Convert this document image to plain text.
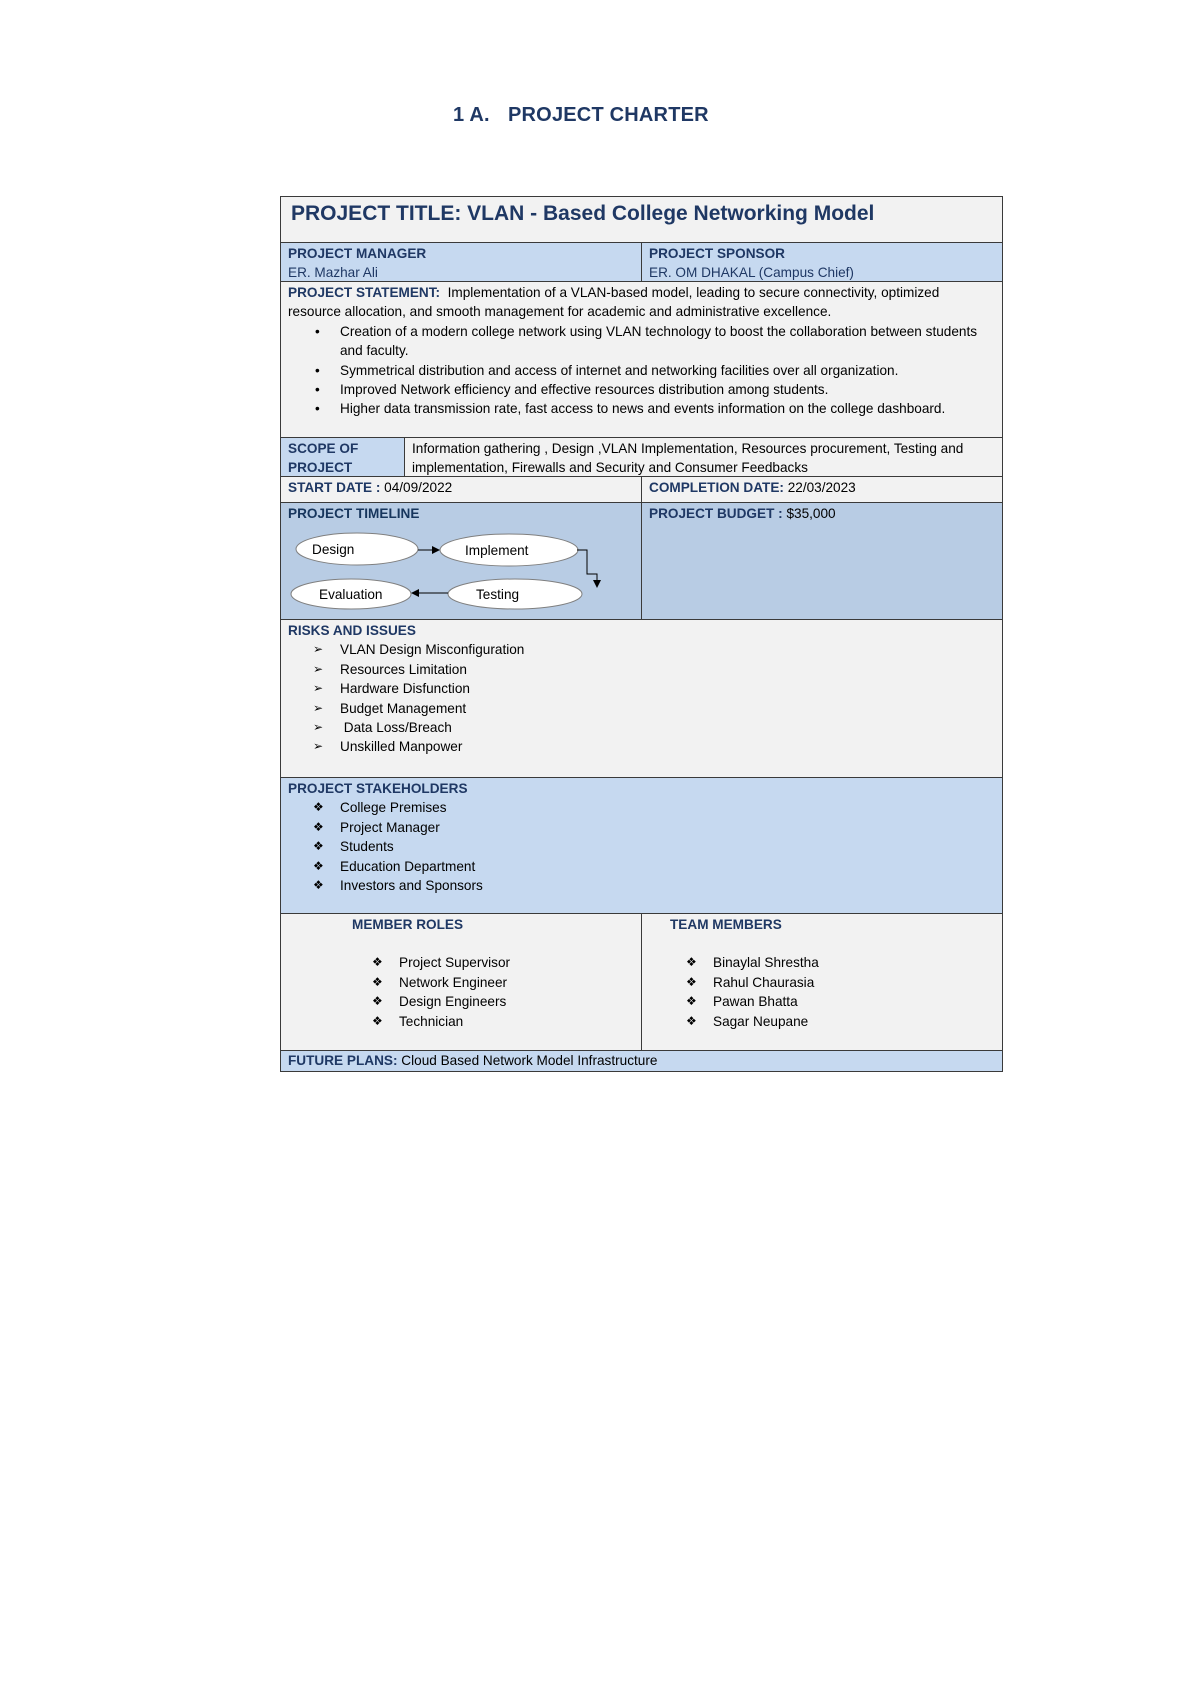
1 A. PROJECT CHARTER
PROJECT TITLE: VLAN - Based College Networking Model
PROJECT MANAGER
ER. Mazhar Ali
PROJECT SPONSOR
ER. OM DHAKAL (Campus Chief)
PROJECT STATEMENT: Implementation of a VLAN-based model, leading to secure connectivity, optimized resource allocation, and smooth management for academic and administrative excellence.
• Creation of a modern college network using VLAN technology to boost the collaboration between students and faculty.
• Symmetrical distribution and access of internet and networking facilities over all organization.
• Improved Network efficiency and effective resources distribution among students.
• Higher data transmission rate, fast access to news and events information on the college dashboard.
SCOPE OF PROJECT
Information gathering , Design ,VLAN Implementation, Resources procurement, Testing and implementation, Firewalls and Security and Consumer Feedbacks
START DATE : 04/09/2022	COMPLETION DATE: 22/03/2023
PROJECT TIMELINE
Design	Implement
Testing
Evaluation
PROJECT BUDGET : $35,000
RISKS AND ISSUES
➢ VLAN Design Misconfiguration
➢ Resources Limitation
➢ Hardware Disfunction
➢ Budget Management
➢  Data Loss/Breach
➢ Unskilled Manpower
PROJECT STAKEHOLDERS
❖ College Premises
❖ Project Manager
❖ Students
❖ Education Department
❖ Investors and Sponsors
MEMBER ROLES
❖ Project Supervisor
❖ Network Engineer
❖ Design Engineers
❖ Technician
TEAM MEMBERS
❖ Binaylal Shrestha
❖ Rahul Chaurasia
❖ Pawan Bhatta
❖ Sagar Neupane
FUTURE PLANS: Cloud Based Network Model Infrastructure
